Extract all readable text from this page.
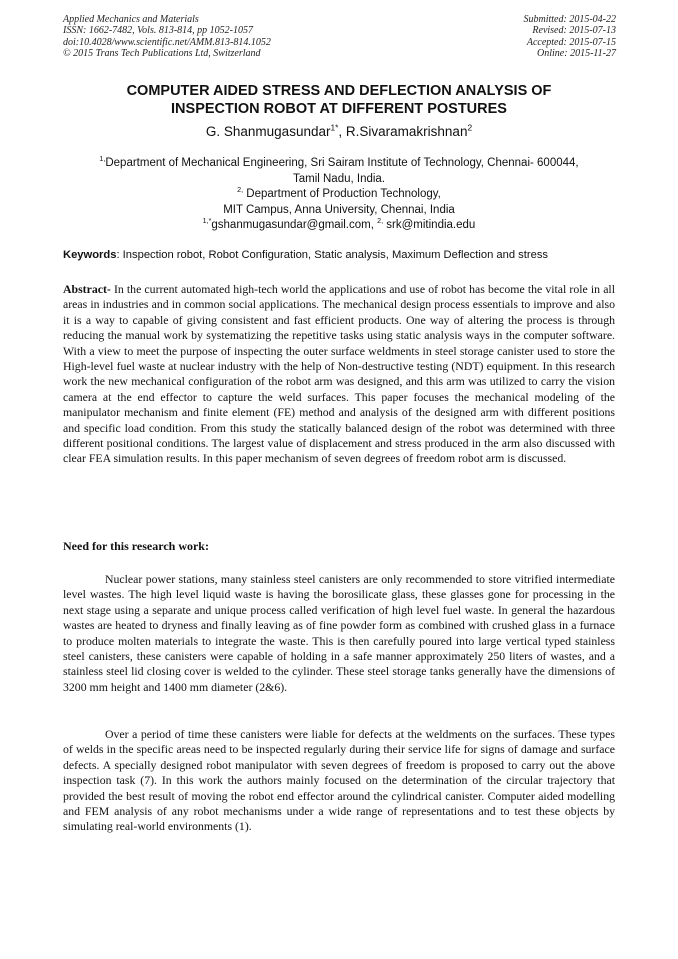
Applied Mechanics and Materials
ISSN: 1662-7482, Vols. 813-814, pp 1052-1057
doi:10.4028/www.scientific.net/AMM.813-814.1052
© 2015 Trans Tech Publications Ltd, Switzerland
Submitted: 2015-04-22
Revised: 2015-07-13
Accepted: 2015-07-15
Online: 2015-11-27
COMPUTER AIDED STRESS AND DEFLECTION ANALYSIS OF
INSPECTION ROBOT AT DIFFERENT POSTURES
G. Shanmugasundar$^{1*}$, R.Sivaramakrishnan$^2$
$^{1,}$Department of Mechanical Engineering, Sri Sairam Institute of Technology, Chennai- 600044,
Tamil Nadu, India.
$^{2,}$ Department of Production Technology,
MIT Campus, Anna University, Chennai, India
$^{1,*}$gshanmugasundar@gmail.com, $^{2,}$ srk@mitindia.edu
Keywords: Inspection robot, Robot Configuration, Static analysis, Maximum Deflection and stress
Abstract- In the current automated high-tech world the applications and use of robot has become the vital role in all areas in industries and in common social applications. The mechanical design process essentials to improve and also it is a way to capable of giving consistent and fast efficient products. One way of altering the process is through reducing the manual work by systematizing the repetitive tasks using static analysis ways in the computer software. With a view to meet the purpose of inspecting the outer surface weldments in steel storage canister used to store the High-level fuel waste at nuclear industry with the help of Non-destructive testing (NDT) equipment. In this research work the new mechanical configuration of the robot arm was designed, and this arm was utilized to carry the vision camera at the end effector to capture the weld surfaces. This paper focuses the mechanical modeling of the manipulator mechanism and finite element (FE) method and analysis of the designed arm with different positions and specific load condition. From this study the statically balanced design of the robot was determined with three different positional conditions. The largest value of displacement and stress produced in the arm also discussed with clear FEA simulation results. In this paper mechanism of seven degrees of freedom robot arm is discussed.
Need for this research work:
Nuclear power stations, many stainless steel canisters are only recommended to store vitrified intermediate level wastes. The high level liquid waste is having the borosilicate glass, these glasses gone for processing in the next stage using a separate and unique process called verification of high level fuel waste. In general the hazardous wastes are heated to dryness and finally leaving as of fine powder form as combined with crushed glass in a furnace to produce molten materials to integrate the waste. This is then carefully poured into large vertical typed stainless steel canisters, these canisters were capable of holding in a safe manner approximately 250 liters of wastes, and a stainless steel lid closing cover is welded to the cylinder. These steel storage tanks generally have the dimensions of 3200 mm height and 1400 mm diameter (2&6).
Over a period of time these canisters were liable for defects at the weldments on the surfaces. These types of welds in the specific areas need to be inspected regularly during their service life for signs of damage and surface defects. A specially designed robot manipulator with seven degrees of freedom is proposed to carry out the above inspection task (7). In this work the authors mainly focused on the determination of the circular trajectory that provided the best result of moving the robot end effector around the cylindrical canister. Computer aided modelling and FEM analysis of any robot mechanisms under a wide range of representations and to test these objects by simulating real-world environments (1).
